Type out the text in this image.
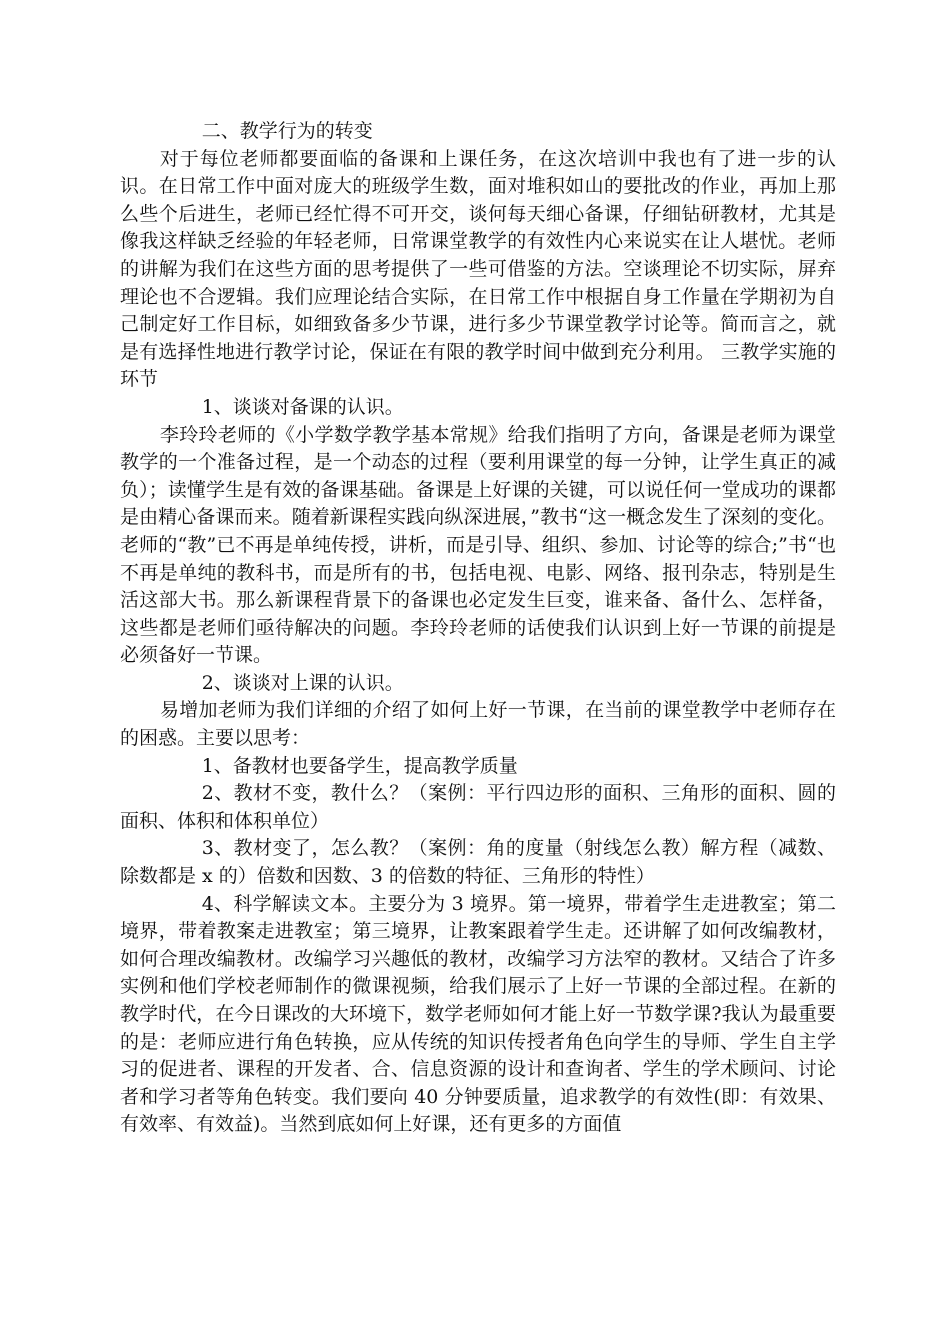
二、教学行为的转变

对于每位老师都要面临的备课和上课任务，在这次培训中我也有了进一步的认识。在日常工作中面对庞大的班级学生数，面对堆积如山的要批改的作业，再加上那么些个后进生，老师已经忙得不可开交，谈何每天细心备课，仔细钻研教材，尤其是像我这样缺乏经验的年轻老师，日常课堂教学的有效性内心来说实在让人堪忧。老师的讲解为我们在这些方面的思考提供了一些可借鉴的方法。空谈理论不切实际，屏弃理论也不合逻辑。我们应理论结合实际，在日常工作中根据自身工作量在学期初为自己制定好工作目标，如细致备多少节课，进行多少节课堂教学讨论等。简而言之，就是有选择性地进行教学讨论，保证在有限的教学时间中做到充分利用。 三教学实施的环节

1、谈谈对备课的认识。

李玲玲老师的《小学数学教学基本常规》给我们指明了方向，备课是老师为课堂教学的一个准备过程，是一个动态的过程（要利用课堂的每一分钟，让学生真正的减负）；读懂学生是有效的备课基础。备课是上好课的关键，可以说任何一堂成功的课都是由精心备课而来。随着新课程实践向纵深进展，”教书“这一概念发生了深刻的变化。老师的“教”已不再是单纯传授，讲析，而是引导、组织、参加、讨论等的综合;”书“也不再是单纯的教科书，而是所有的书，包括电视、电影、网络、报刊杂志，特别是生活这部大书。那么新课程背景下的备课也必定发生巨变，谁来备、备什么、怎样备，这些都是老师们亟待解决的问题。李玲玲老师的话使我们认识到上好一节课的前提是必须备好一节课。

2、谈谈对上课的认识。

易增加老师为我们详细的介绍了如何上好一节课，在当前的课堂教学中老师存在的困惑。主要以思考：

1、备教材也要备学生，提高教学质量

2、教材不变，教什么？（案例：平行四边形的面积、三角形的面积、圆的面积、体积和体积单位）

3、教材变了，怎么教？（案例：角的度量（射线怎么教）解方程（减数、除数都是 x 的）倍数和因数、3 的倍数的特征、三角形的特性）

4、科学解读文本。主要分为 3 境界。第一境界，带着学生走进教室；第二境界，带着教案走进教室；第三境界，让教案跟着学生走。还讲解了如何改编教材，如何合理改编教材。改编学习兴趣低的教材，改编学习方法窄的教材。又结合了许多实例和他们学校老师制作的微课视频，给我们展示了上好一节课的全部过程。在新的教学时代，在今日课改的大环境下，数学老师如何才能上好一节数学课?我认为最重要的是：老师应进行角色转换，应从传统的知识传授者角色向学生的导师、学生自主学习的促进者、课程的开发者、合、信息资源的设计和查询者、学生的学术顾问、讨论者和学习者等角色转变。我们要向 40 分钟要质量，追求教学的有效性(即：有效果、有效率、有效益)。当然到底如何上好课，还有更多的方面值
